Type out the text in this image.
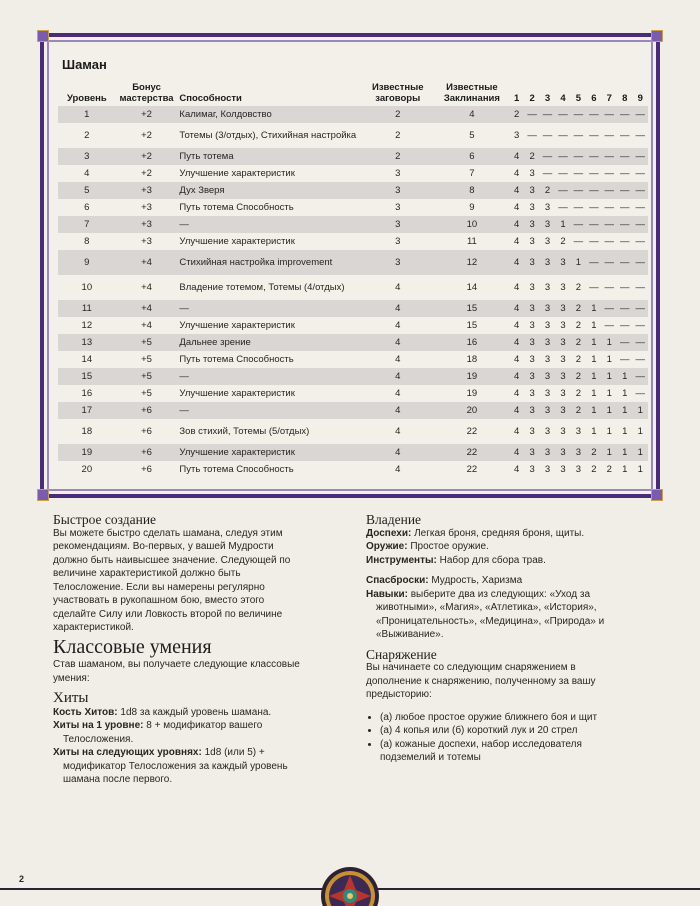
Шаман
Уровень	Бонус мастерства	Способности	Известные заговоры	Известные Заклинания	1	2	3	4	5	6	7	8	9
1	+2	Калимаг, Колдовство	2	4	2	—	—	—	—	—	—	—	—
2	+2	Тотемы (3/отдых), Стихийная настройка	2	5	3	—	—	—	—	—	—	—	—
3	+2	Путь тотема	2	6	4	2	—	—	—	—	—	—	—
4	+2	Улучшение характеристик	3	7	4	3	—	—	—	—	—	—	—
5	+3	Дух Зверя	3	8	4	3	2	—	—	—	—	—	—
6	+3	Путь тотема Способность	3	9	4	3	3	—	—	—	—	—	—
7	+3	—	3	10	4	3	3	1	—	—	—	—	—
8	+3	Улучшение характеристик	3	11	4	3	3	2	—	—	—	—	—
9	+4	Стихийная настройка improvement	3	12	4	3	3	3	1	—	—	—	—
10	+4	Владение тотемом, Тотемы (4/отдых)	4	14	4	3	3	3	2	—	—	—	—
11	+4	—	4	15	4	3	3	3	2	1	—	—	—
12	+4	Улучшение характеристик	4	15	4	3	3	3	2	1	—	—	—
13	+5	Дальнее зрение	4	16	4	3	3	3	2	1	1	—	—
14	+5	Путь тотема Способность	4	18	4	3	3	3	2	1	1	—	—
15	+5	—	4	19	4	3	3	3	2	1	1	1	—
16	+5	Улучшение характеристик	4	19	4	3	3	3	2	1	1	1	—
17	+6	—	4	20	4	3	3	3	2	1	1	1	1
18	+6	Зов стихий, Тотемы (5/отдых)	4	22	4	3	3	3	3	1	1	1	1
19	+6	Улучшение характеристик	4	22	4	3	3	3	3	2	1	1	1
20	+6	Путь тотема Способность	4	22	4	3	3	3	3	2	2	1	1
Быстрое создание

Вы можете быстро сделать шамана, следуя этим рекомендациям. Во-первых, у вашей Мудрости должно быть наивысшее значение. Следующей по величине характеристикой должно быть Телосложение. Если вы намерены регулярно участвовать в рукопашном бою, вместо этого сделайте Силу или Ловкость второй по величине характеристикой.

Классовые умения

Став шаманом, вы получаете следующие классовые умения:

Хиты

Кость Хитов: 1d8 за каждый уровень шамана.

Хиты на 1 уровне: 8 + модификатор вашего Телосложения.

Хиты на следующих уровнях: 1d8 (или 5) + модификатор Телосложения за каждый уровень шамана после первого.

Владение

Доспехи: Легкая броня, средняя броня, щиты.

Оружие: Простое оружие.

Инструменты: Набор для сбора трав.

Спасброски: Мудрость, Харизма

Навыки: выберите два из следующих: «Уход за животными», «Магия», «Атлетика», «История», «Проницательность», «Медицина», «Природа» и «Выживание».

Снаряжение

Вы начинаете со следующим снаряжением в дополнение к снаряжению, полученному за вашу предысторию:

• (а) любое простое оружие ближнего боя и щит
• (а) 4 копья или (б) короткий лук и 20 стрел
• (а) кожаные доспехи, набор исследователя подземелий и тотемы
2
